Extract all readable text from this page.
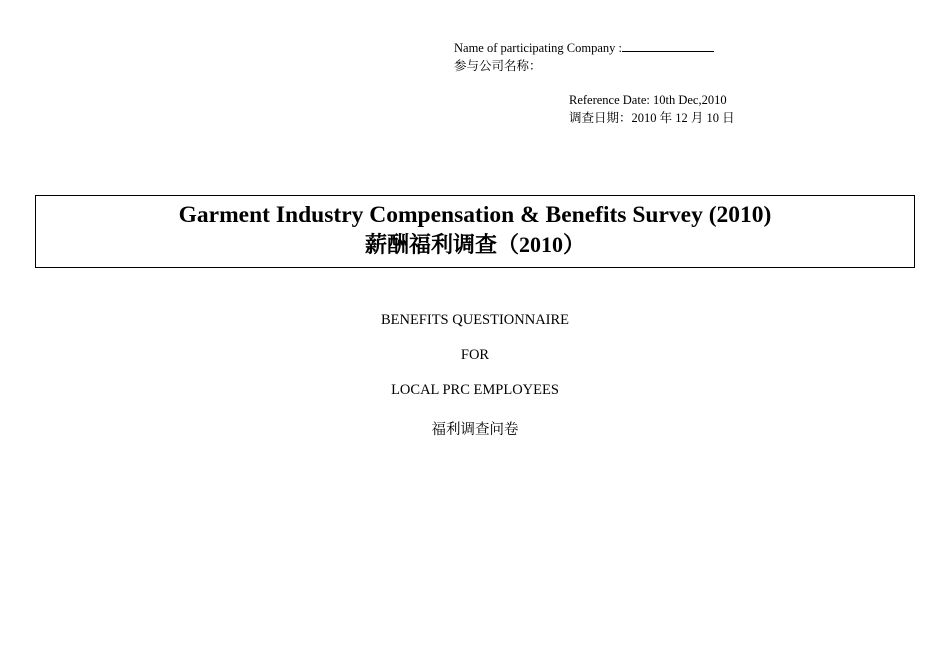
Name of participating Company :
参与公司名称：
Reference Date: 10th Dec,2010
调查日期：2010 年 12 月 10 日
Garment Industry Compensation & Benefits Survey (2010)
薪酬福利调查（2010）
BENEFITS QUESTIONNAIRE
FOR
LOCAL PRC EMPLOYEES
福利调查问卷
